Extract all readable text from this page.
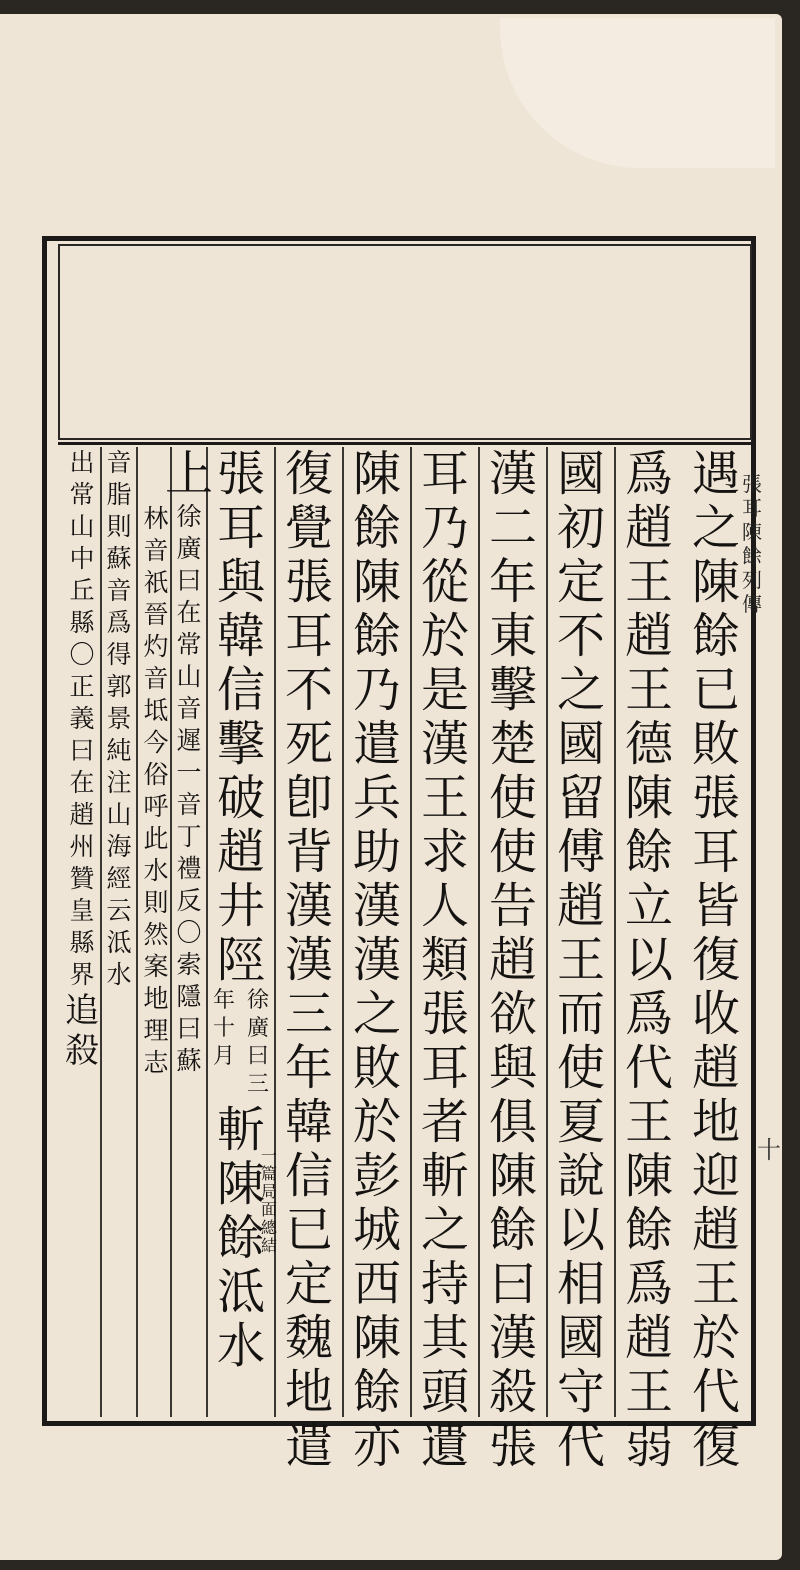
張耳陳餘列傳
十
遇之陳餘已敗張耳皆復收趙地迎趙王於代復
爲趙王趙王德陳餘立以爲代王陳餘爲趙王弱
國初定不之國留傅趙王而使夏說以相國守代
漢二年東擊楚使使告趙欲與俱陳餘曰漢殺張
耳乃從於是漢王求人類張耳者斬之持其頭遺
陳餘陳餘乃遣兵助漢漢之敗於彭城西陳餘亦
復覺張耳不死卽背漢漢三年韓信已定魏地遣
張耳與韓信擊破趙井陘
徐廣曰三
年十月
一篇局面總結
斬陳餘泜水
上
徐廣曰在常山音遲一音丁禮反〇索隱曰蘇
林音祇晉灼音坻今俗呼此水則然案地理志
音脂則蘇音爲得郭景純注山海經云泜水
出常山中丘縣〇正義曰在趙州贊皇縣界
追殺
